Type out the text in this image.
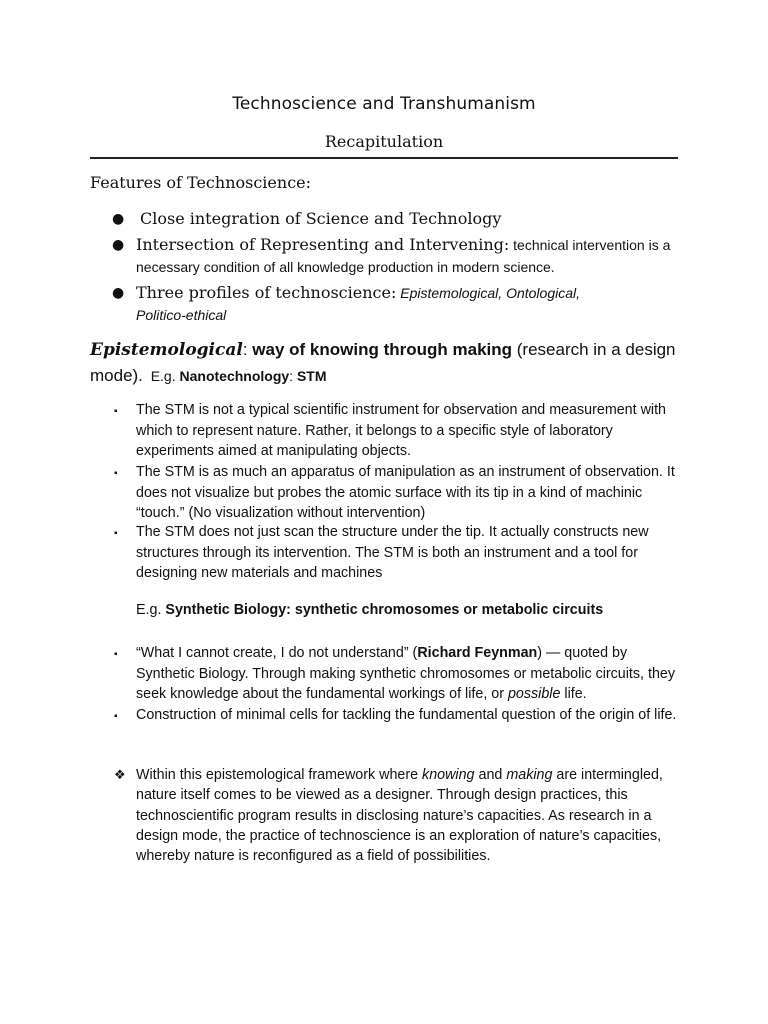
Technoscience and Transhumanism
Recapitulation
Features of Technoscience:
● Close integration of Science and Technology
● Intersection of Representing and Intervening: technical intervention is a necessary condition of all knowledge production in modern science.
● Three profiles of technoscience: Epistemological, Ontological, Politico-ethical
Epistemological: way of knowing through making (research in a design mode).  E.g. Nanotechnology: STM
▪ The STM is not a typical scientific instrument for observation and measurement with which to represent nature. Rather, it belongs to a specific style of laboratory experiments aimed at manipulating objects.
▪ The STM is as much an apparatus of manipulation as an instrument of observation. It does not visualize but probes the atomic surface with its tip in a kind of machinic “touch.” (No visualization without intervention)
▪ The STM does not just scan the structure under the tip. It actually constructs new structures through its intervention. The STM is both an instrument and a tool for designing new materials and machines
E.g. Synthetic Biology: synthetic chromosomes or metabolic circuits
▪ “What I cannot create, I do not understand” (Richard Feynman) — quoted by Synthetic Biology. Through making synthetic chromosomes or metabolic circuits, they seek knowledge about the fundamental workings of life, or possible life.
▪ Construction of minimal cells for tackling the fundamental question of the origin of life.
❖ Within this epistemological framework where knowing and making are intermingled, nature itself comes to be viewed as a designer. Through design practices, this technoscientific program results in disclosing nature’s capacities. As research in a design mode, the practice of technoscience is an exploration of nature’s capacities, whereby nature is reconfigured as a field of possibilities.
